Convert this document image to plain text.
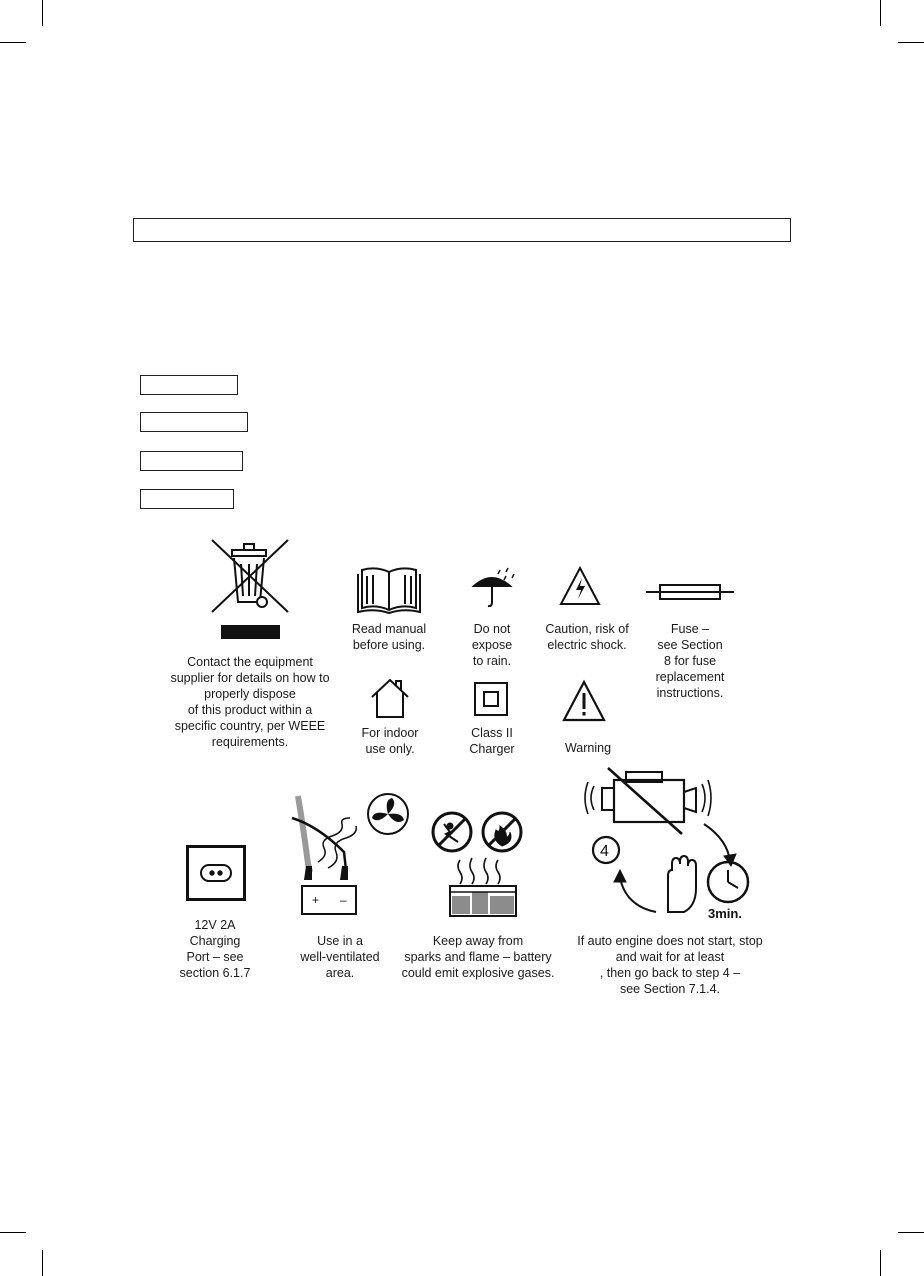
Contact the equipment
supplier for details on how to
properly dispose
of this product within a
specific country, per WEEE
requirements.
Read manual
before using.
Do not
expose
to rain.
Caution, risk of
electric shock.
Fuse –
see Section
8 for fuse
replacement
instructions.
For indoor
use only.
Class II
Charger	Warning
12V 2A
Charging
Port – see
section 6.1.7
+ –
Use in a
well-ventilated
area.
Keep away from
sparks and flame – battery
could emit explosive gases.
4
3min.
If auto engine does not start, stop
and wait for at least
, then go back to step 4 –
see Section 7.1.4.
